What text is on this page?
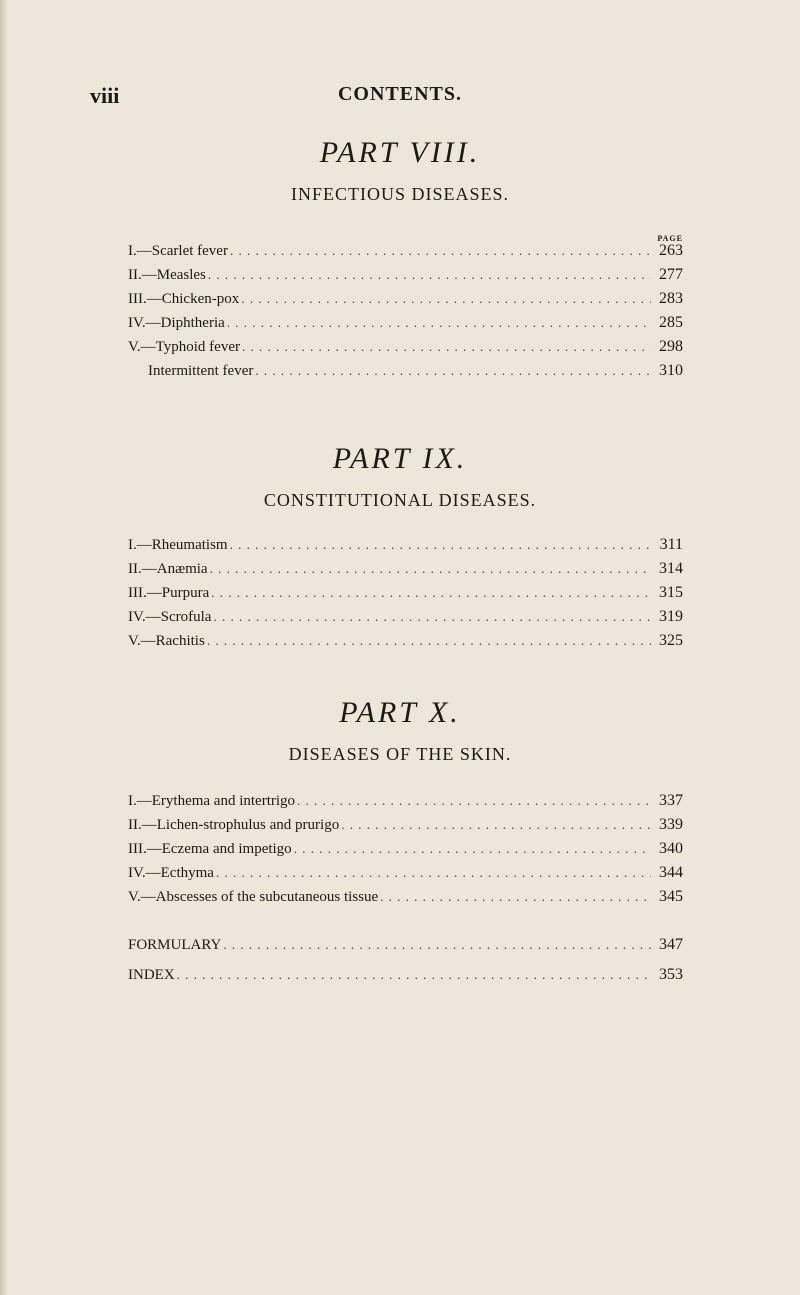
viii	CONTENTS.
PART VIII.
INFECTIOUS DISEASES.
PAGE
I.—Scarlet fever . . .	263
II.—Measles . . .	277
III.—Chicken-pox . . .	283
IV.—Diphtheria . . .	285
V.—Typhoid fever . . .	298
Intermittent fever . . .	310
PART IX.
CONSTITUTIONAL DISEASES.
I.—Rheumatism . . .	311
II.—Anæmia . . .	314
III.—Purpura . . .	315
IV.—Scrofula . . .	319
V.—Rachitis . . .	325
PART X.
DISEASES OF THE SKIN.
I.—Erythema and intertrigo . . .	337
II.—Lichen-strophulus and prurigo . . .	339
III.—Eczema and impetigo . . .	340
IV.—Ecthyma . . .	344
V.—Abscesses of the subcutaneous tissue . . .	345
FORMULARY . . .	347
INDEX . . .	353
